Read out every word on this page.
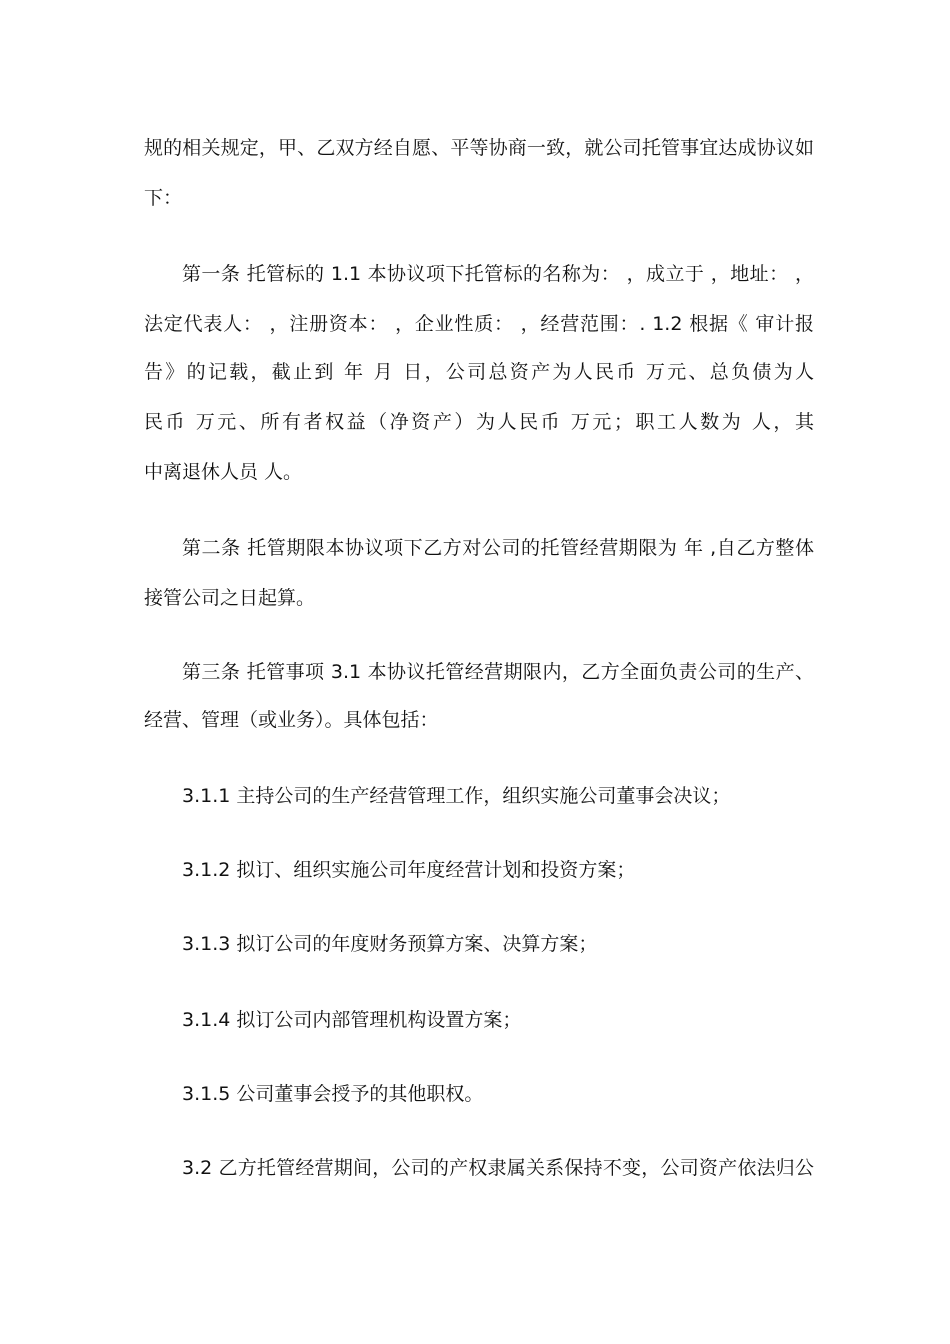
规的相关规定，甲、乙双方经自愿、平等协商一致，就公司托管事宜达成协议如
下：
第一条 托管标的 1.1 本协议项下托管标的名称为： ，成立于 ，地址： ，
法定代表人： ，注册资本： ，企业性质： ，经营范围：. 1.2 根据《 审计报
告》的记载，截止到 年 月 日，公司总资产为人民币 万元、总负债为人
民币 万元、所有者权益（净资产）为人民币 万元；职工人数为 人，其
中离退休人员 人。
第二条 托管期限本协议项下乙方对公司的托管经营期限为 年 ,自乙方整体
接管公司之日起算。
第三条 托管事项 3.1 本协议托管经营期限内，乙方全面负责公司的生产、
经营、管理（或业务）。具体包括：
3.1.1 主持公司的生产经营管理工作，组织实施公司董事会决议；
3.1.2 拟订、组织实施公司年度经营计划和投资方案；
3.1.3 拟订公司的年度财务预算方案、决算方案；
3.1.4 拟订公司内部管理机构设置方案；
3.1.5 公司董事会授予的其他职权。
3.2 乙方托管经营期间，公司的产权隶属关系保持不变，公司资产依法归公
